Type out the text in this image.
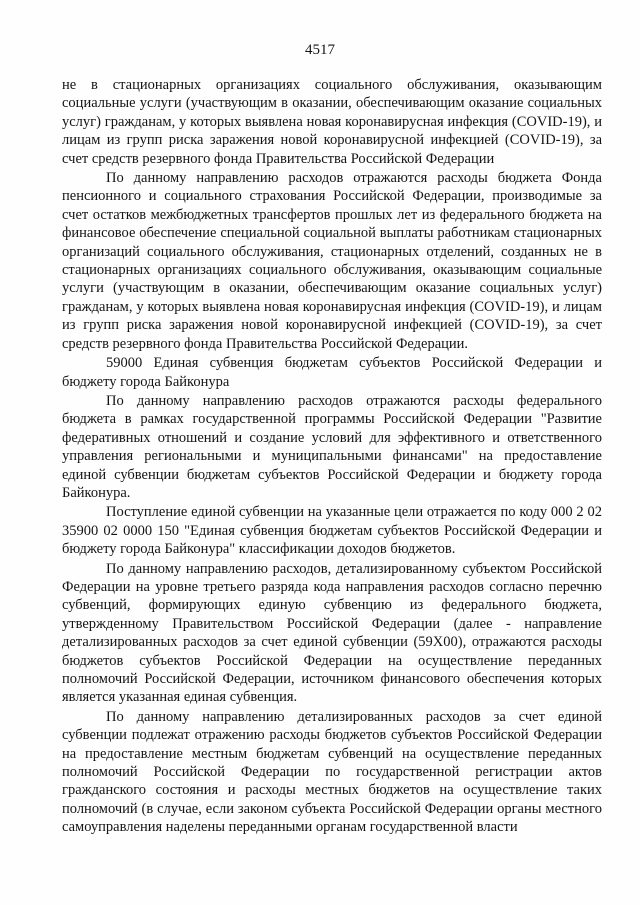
4517

не в стационарных организациях социального обслуживания, оказывающим социальные услуги (участвующим в оказании, обеспечивающим оказание социальных услуг) гражданам, у которых выявлена новая коронавирусная инфекция (COVID-19), и лицам из групп риска заражения новой коронавирусной инфекцией (COVID-19), за счет средств резервного фонда Правительства Российской Федерации

По данному направлению расходов отражаются расходы бюджета Фонда пенсионного и социального страхования Российской Федерации, производимые за счет остатков межбюджетных трансфертов прошлых лет из федерального бюджета на финансовое обеспечение специальной социальной выплаты работникам стационарных организаций социального обслуживания, стационарных отделений, созданных не в стационарных организациях социального обслуживания, оказывающим социальные услуги (участвующим в оказании, обеспечивающим оказание социальных услуг) гражданам, у которых выявлена новая коронавирусная инфекция (COVID-19), и лицам из групп риска заражения новой коронавирусной инфекцией (COVID-19), за счет средств резервного фонда Правительства Российской Федерации.

59000 Единая субвенция бюджетам субъектов Российской Федерации и бюджету города Байконура

По данному направлению расходов отражаются расходы федерального бюджета в рамках государственной программы Российской Федерации "Развитие федеративных отношений и создание условий для эффективного и ответственного управления региональными и муниципальными финансами" на предоставление единой субвенции бюджетам субъектов Российской Федерации и бюджету города Байконура.

Поступление единой субвенции на указанные цели отражается по коду 000 2 02 35900 02 0000 150 "Единая субвенция бюджетам субъектов Российской Федерации и бюджету города Байконура" классификации доходов бюджетов.

По данному направлению расходов, детализированному субъектом Российской Федерации на уровне третьего разряда кода направления расходов согласно перечню субвенций, формирующих единую субвенцию из федерального бюджета, утвержденному Правительством Российской Федерации (далее - направление детализированных расходов за счет единой субвенции (59Х00), отражаются расходы бюджетов субъектов Российской Федерации на осуществление переданных полномочий Российской Федерации, источником финансового обеспечения которых является указанная единая субвенция.

По данному направлению детализированных расходов за счет единой субвенции подлежат отражению расходы бюджетов субъектов Российской Федерации на предоставление местным бюджетам субвенций на осуществление переданных полномочий Российской Федерации по государственной регистрации актов гражданского состояния и расходы местных бюджетов на осуществление таких полномочий (в случае, если законом субъекта Российской Федерации органы местного самоуправления наделены переданными органам государственной власти
